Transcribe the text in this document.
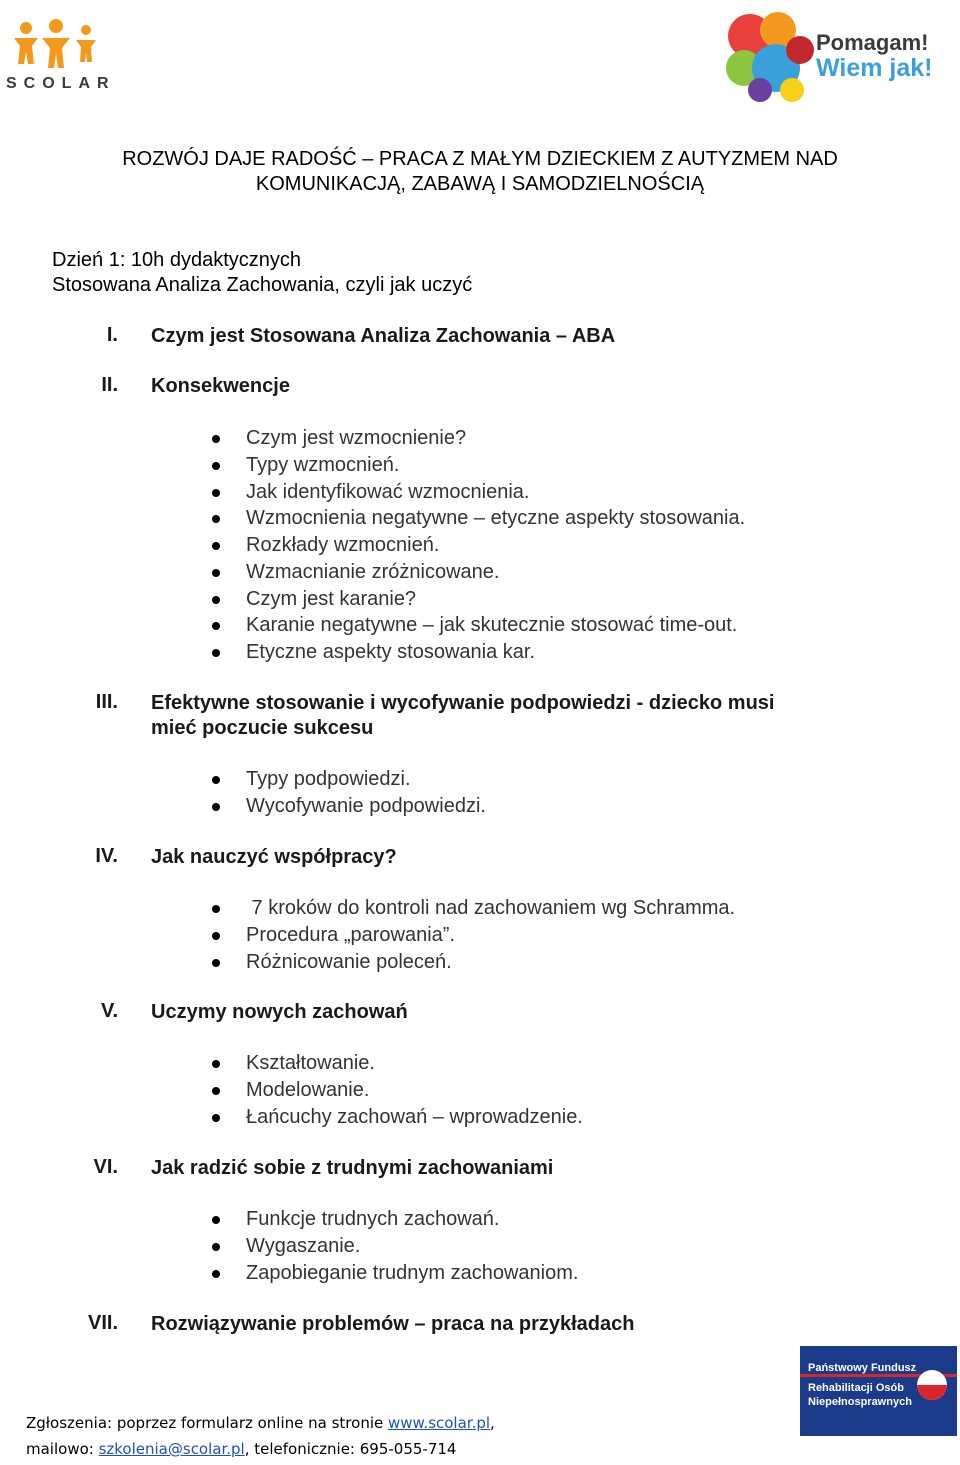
SCOLAR
Pomagam!
Wiem jak!
ROZWÓJ DAJE RADOŚĆ – PRACA Z MAŁYM DZIECKIEM Z AUTYZMEM NAD
KOMUNIKACJĄ, ZABAWĄ I SAMODZIELNOŚCIĄ
Dzień 1: 10h dydaktycznych
Stosowana Analiza Zachowania, czyli jak uczyć
I. Czym jest Stosowana Analiza Zachowania – ABA
II. Konsekwencje
Czym jest wzmocnienie?
Typy wzmocnień.
Jak identyfikować wzmocnienia.
Wzmocnienia negatywne – etyczne aspekty stosowania.
Rozkłady wzmocnień.
Wzmacnianie zróżnicowane.
Czym jest karanie?
Karanie negatywne – jak skutecznie stosować time-out.
Etyczne aspekty stosowania kar.
III. Efektywne stosowanie i wycofywanie podpowiedzi - dziecko musi
mieć poczucie sukcesu
Typy podpowiedzi.
Wycofywanie podpowiedzi.
IV. Jak nauczyć współpracy?
7 kroków do kontroli nad zachowaniem wg Schramma.
Procedura „parowania”.
Różnicowanie poleceń.
V. Uczymy nowych zachowań
Kształtowanie.
Modelowanie.
Łańcuchy zachowań – wprowadzenie.
VI. Jak radzić sobie z trudnymi zachowaniami
Funkcje trudnych zachowań.
Wygaszanie.
Zapobieganie trudnym zachowaniom.
VII. Rozwiązywanie problemów – praca na przykładach
Zgłoszenia: poprzez formularz online na stronie www.scolar.pl,
mailowo: szkolenia@scolar.pl, telefonicznie: 695-055-714
Państwowy Fundusz
Rehabilitacji Osób
Niepełnosprawnych
